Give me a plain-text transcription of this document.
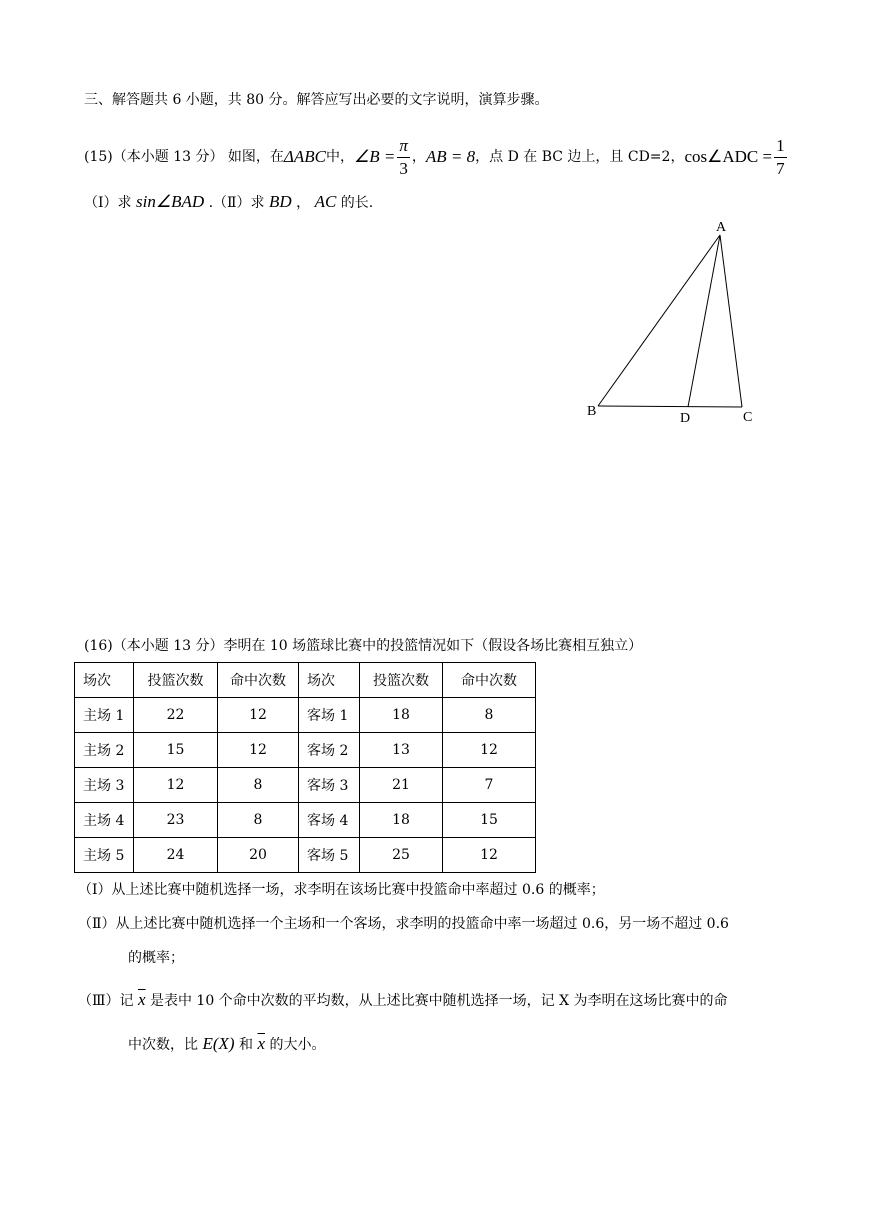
三、解答题共 6 小题，共 80 分。解答应写出必要的文字说明，演算步骤。
(15)（本小题 13 分） 如图，在 ΔABC 中， ∠B = $\frac{\pi}{3}$ ， AB = 8 ，点 D 在 BC 边上，且 CD=2， cos∠ADC = $\frac{1}{7}$
（Ⅰ）求 sin∠BAD .（Ⅱ）求 BD ， AC 的长.
A
B	D	C
(16)（本小题 13 分）李明在 10 场篮球比赛中的投篮情况如下（假设各场比赛相互独立）
场次	投篮次数	命中次数	场次	投篮次数	命中次数
主场 1	22	12	客场 1	18	8
主场 2	15	12	客场 2	13	12
主场 3	12	8	客场 3	21	7
主场 4	23	8	客场 4	18	15
主场 5	24	20	客场 5	25	12
（Ⅰ）从上述比赛中随机选择一场，求李明在该场比赛中投篮命中率超过 0.6 的概率；
（Ⅱ）从上述比赛中随机选择一个主场和一个客场，求李明的投篮命中率一场超过 0.6，另一场不超过 0.6
的概率；
（Ⅲ）记 $\overline{x}$ 是表中 10 个命中次数的平均数，从上述比赛中随机选择一场，记 X 为李明在这场比赛中的命
中次数，比 E(X) 和 $\overline{x}$ 的大小。
